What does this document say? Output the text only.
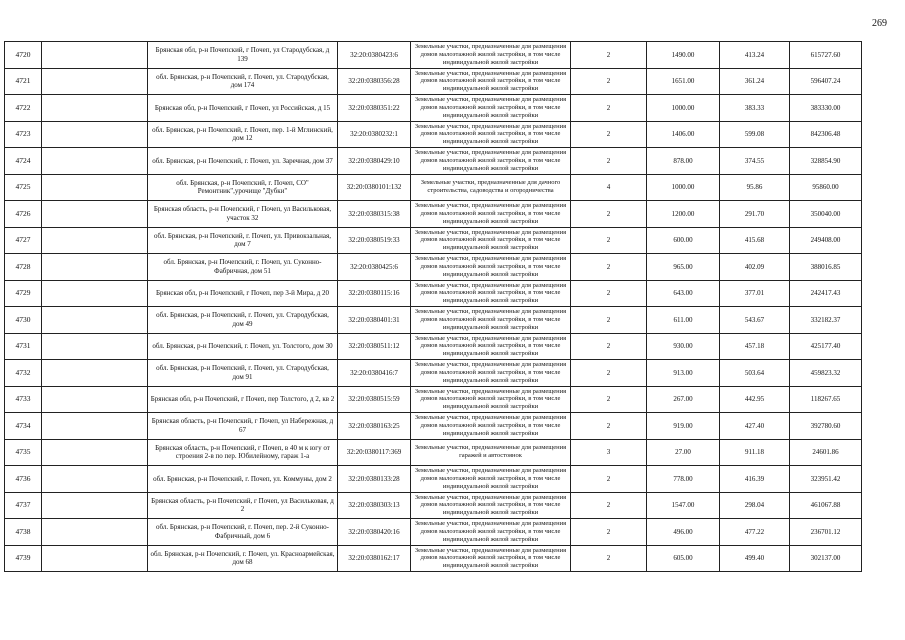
269
4720		Брянская обл, р-н Почепский, г Почеп, ул Стародубская, д 139	32:20:0380423:6	Земельные участки, предназначенные для размещения домов малоэтажной жилой застройки, в том числе индивидуальной жилой застройки	2	1490.00	413.24	615727.60
4721		обл. Брянская, р-н Почепский, г. Почеп, ул. Стародубская, дом 174	32:20:0380356:28	Земельные участки, предназначенные для размещения домов малоэтажной жилой застройки, в том числе индивидуальной жилой застройки	2	1651.00	361.24	596407.24
4722		Брянская обл, р-н Почепский, г Почеп, ул Российская, д 15	32:20:0380351:22	Земельные участки, предназначенные для размещения домов малоэтажной жилой застройки, в том числе индивидуальной жилой застройки	2	1000.00	383.33	383330.00
4723		обл. Брянская, р-н Почепский, г. Почеп, пер. 1-й Мглинский, дом 12	32:20:0380232:1	Земельные участки, предназначенные для размещения домов малоэтажной жилой застройки, в том числе индивидуальной жилой застройки	2	1406.00	599.08	842306.48
4724		обл. Брянская, р-н Почепский, г. Почеп, ул. Заречная, дом 37	32:20:0380429:10	Земельные участки, предназначенные для размещения домов малоэтажной жилой застройки, в том числе индивидуальной жилой застройки	2	878.00	374.55	328854.90
4725		обл. Брянская, р-н Почепский, г. Почеп, СО" Ремонтник",урочище "Дубки"	32:20:0380101:132	Земельные участки, предназначенные для дачного строительства, садоводства и огородничества	4	1000.00	95.86	95860.00
4726		Брянская область, р-н Почепский, г Почеп, ул Васильковая, участок 32	32:20:0380315:38	Земельные участки, предназначенные для размещения домов малоэтажной жилой застройки, в том числе индивидуальной жилой застройки	2	1200.00	291.70	350040.00
4727		обл. Брянская, р-н Почепский, г. Почеп, ул. Привокзальная, дом 7	32:20:0380519:33	Земельные участки, предназначенные для размещения домов малоэтажной жилой застройки, в том числе индивидуальной жилой застройки	2	600.00	415.68	249408.00
4728		обл. Брянская, р-н Почепский, г. Почеп, ул. Суконно-Фабричная, дом 51	32:20:0380425:6	Земельные участки, предназначенные для размещения домов малоэтажной жилой застройки, в том числе индивидуальной жилой застройки	2	965.00	402.09	388016.85
4729		Брянская обл, р-н Почепский, г Почеп, пер 3-й Мира, д 20	32:20:0380115:16	Земельные участки, предназначенные для размещения домов малоэтажной жилой застройки, в том числе индивидуальной жилой застройки	2	643.00	377.01	242417.43
4730		обл. Брянская, р-н Почепский, г. Почеп, ул. Стародубская, дом 49	32:20:0380401:31	Земельные участки, предназначенные для размещения домов малоэтажной жилой застройки, в том числе индивидуальной жилой застройки	2	611.00	543.67	332182.37
4731		обл. Брянская, р-н Почепский, г. Почеп, ул. Толстого, дом 30	32:20:0380511:12	Земельные участки, предназначенные для размещения домов малоэтажной жилой застройки, в том числе индивидуальной жилой застройки	2	930.00	457.18	425177.40
4732		обл. Брянская, р-н Почепский, г. Почеп, ул. Стародубская, дом 91	32:20:0380416:7	Земельные участки, предназначенные для размещения домов малоэтажной жилой застройки, в том числе индивидуальной жилой застройки	2	913.00	503.64	459823.32
4733		Брянская обл, р-н Почепский, г Почеп, пер Толстого, д 2, кв 2	32:20:0380515:59	Земельные участки, предназначенные для размещения домов малоэтажной жилой застройки, в том числе индивидуальной жилой застройки	2	267.00	442.95	118267.65
4734		Брянская область, р-н Почепский, г Почеп, ул Набережная, д 67	32:20:0380163:25	Земельные участки, предназначенные для размещения домов малоэтажной жилой застройки, в том числе индивидуальной жилой застройки	2	919.00	427.40	392780.60
4735		Брянская область, р-н Почепский, г Почеп, в 40 м к югу от строения 2-в по пер. Юбилейному, гараж 1-а	32:20:0380117:369	Земельные участки, предназначенные для размещения гаражей и автостоянок	3	27.00	911.18	24601.86
4736		обл. Брянская, р-н Почепский, г. Почеп, ул. Коммуны, дом 2	32:20:0380133:28	Земельные участки, предназначенные для размещения домов малоэтажной жилой застройки, в том числе индивидуальной жилой застройки	2	778.00	416.39	323951.42
4737		Брянская область, р-н Почепский, г Почеп, ул Васильковая, д 2	32:20:0380303:13	Земельные участки, предназначенные для размещения домов малоэтажной жилой застройки, в том числе индивидуальной жилой застройки	2	1547.00	298.04	461067.88
4738		обл. Брянская, р-н Почепский, г. Почеп, пер. 2-й Суконно-Фабричный, дом 6	32:20:0380420:16	Земельные участки, предназначенные для размещения домов малоэтажной жилой застройки, в том числе индивидуальной жилой застройки	2	496.00	477.22	236701.12
4739		обл. Брянская, р-н Почепский, г. Почеп, ул. Красноармейская, дом 68	32:20:0380162:17	Земельные участки, предназначенные для размещения домов малоэтажной жилой застройки, в том числе индивидуальной жилой застройки	2	605.00	499.40	302137.00
